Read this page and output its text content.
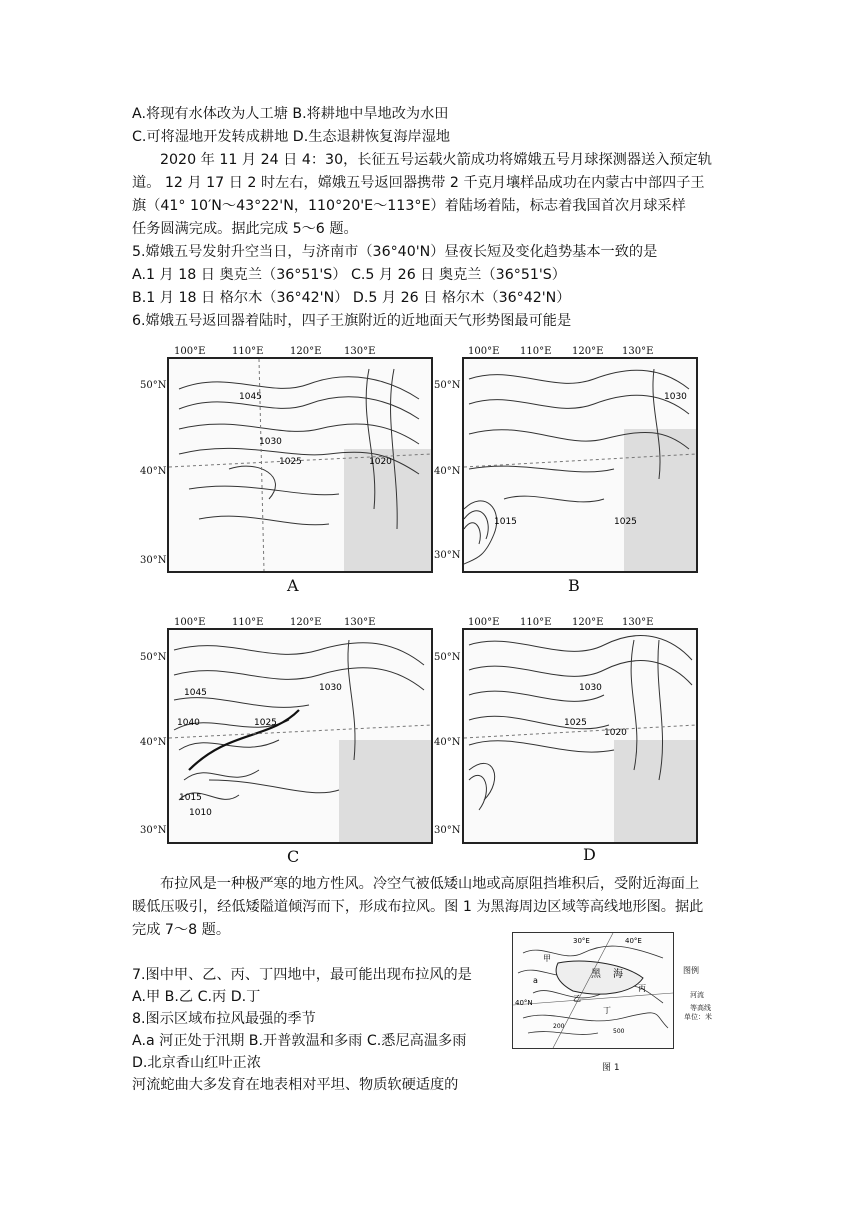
A.将现有水体改为人工塘 B.将耕地中旱地改为水田
C.可将湿地开发转成耕地 D.生态退耕恢复海岸湿地
2020 年 11 月 24 日 4：30，长征五号运载火箭成功将嫦娥五号月球探测器送入预定轨
道。 12 月 17 日 2 时左右，嫦娥五号返回器携带 2 千克月壤样品成功在内蒙古中部四子王
旗（41° 10′N～43°22'N，110°20'E～113°E）着陆场着陆，标志着我国首次月球采样
任务圆满完成。据此完成 5～6 题。
5.嫦娥五号发射升空当日，与济南市（36°40'N）昼夜长短及变化趋势基本一致的是
A.1 月 18 日 奥克兰（36°51'S） C.5 月 26 日 奥克兰（36°51'S）
B.1 月 18 日 格尔木（36°42'N） D.5 月 26 日 格尔木（36°42'N）
6.嫦娥五号返回器着陆时，四子王旗附近的近地面天气形势图最可能是
1030
1025
1045
1020
100°E	110°E	120°E 130°E
50°N
40°N
30°N
A
1025
1015
1030
100°E 110°E 120°E 130°E
50°N
40°N
30°N
B
1045
1040
1030
1025
1015
1010
100°E	110°E	120°E 130°E
50°N
40°N
30°N
C
1025
1020
1030
100°E 110°E 120°E 130°E
50°N
40°N
30°N
D
布拉风是一种极严寒的地方性风。冷空气被低矮山地或高原阻挡堆积后，受附近海面上
暖低压吸引，经低矮隘道倾泻而下，形成布拉风。图 1 为黑海周边区域等高线地形图。据此
完成 7～8 题。
7.图中甲、乙、丙、丁四地中，最可能出现布拉风的是
A.甲 B.乙 C.丙 D.丁
8.图示区域布拉风最强的季节
A.a 河正处于汛期 B.开普敦温和多雨 C.悉尼高温多雨
D.北京香山红叶正浓
河流蛇曲大多发育在地表相对平坦、物质软硬适度的
黑 海
40°N
30°E	40°E
甲
乙
丙
丁
a
200
500
图例
河流
等高线
单位：米
图 1
